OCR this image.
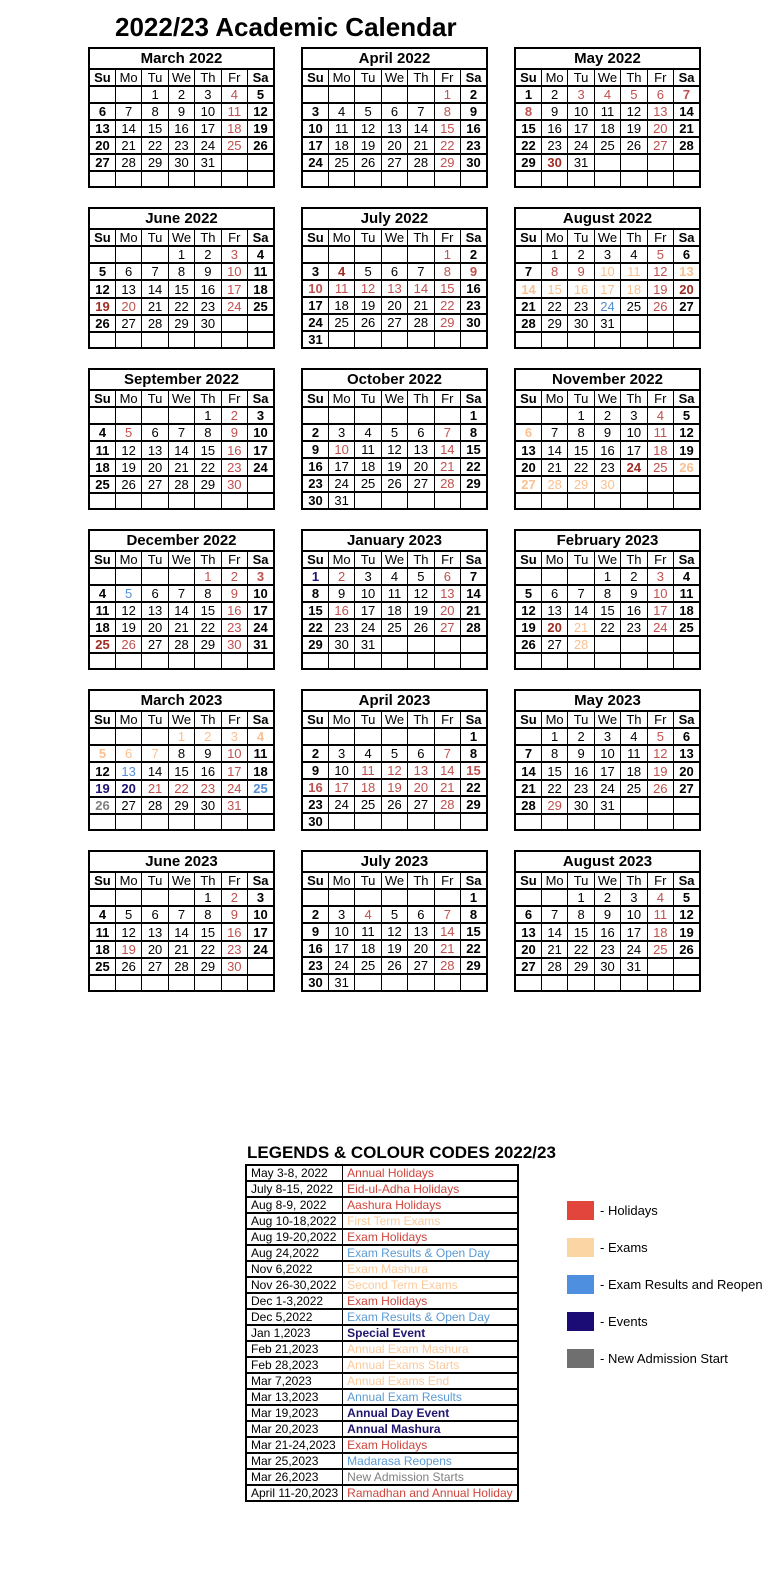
2022/23 Academic Calendar
March 2022						
Su	Mo	Tu	We	Th	Fr	Sa
		1	2	3	4	5
6	7	8	9	10	11	12
13	14	15	16	17	18	19
20	21	22	23	24	25	26
27	28	29	30	31		

April 2022						
Su	Mo	Tu	We	Th	Fr	Sa
					1	2
3	4	5	6	7	8	9
10	11	12	13	14	15	16
17	18	19	20	21	22	23
24	25	26	27	28	29	30

May 2022						
Su	Mo	Tu	We	Th	Fr	Sa
1	2	3	4	5	6	7
8	9	10	11	12	13	14
15	16	17	18	19	20	21
22	23	24	25	26	27	28
29	30	31				

June 2022						
Su	Mo	Tu	We	Th	Fr	Sa
			1	2	3	4
5	6	7	8	9	10	11
12	13	14	15	16	17	18
19	20	21	22	23	24	25
26	27	28	29	30		

July 2022						
Su	Mo	Tu	We	Th	Fr	Sa
					1	2
3	4	5	6	7	8	9
10	11	12	13	14	15	16
17	18	19	20	21	22	23
24	25	26	27	28	29	30
31						
August 2022						
Su	Mo	Tu	We	Th	Fr	Sa
	1	2	3	4	5	6
7	8	9	10	11	12	13
14	15	16	17	18	19	20
21	22	23	24	25	26	27
28	29	30	31			

September 2022						
Su	Mo	Tu	We	Th	Fr	Sa
				1	2	3
4	5	6	7	8	9	10
11	12	13	14	15	16	17
18	19	20	21	22	23	24
25	26	27	28	29	30	

October 2022						
Su	Mo	Tu	We	Th	Fr	Sa
						1
2	3	4	5	6	7	8
9	10	11	12	13	14	15
16	17	18	19	20	21	22
23	24	25	26	27	28	29
30	31					
November 2022						
Su	Mo	Tu	We	Th	Fr	Sa
		1	2	3	4	5
6	7	8	9	10	11	12
13	14	15	16	17	18	19
20	21	22	23	24	25	26
27	28	29	30			

December 2022						
Su	Mo	Tu	We	Th	Fr	Sa
				1	2	3
4	5	6	7	8	9	10
11	12	13	14	15	16	17
18	19	20	21	22	23	24
25	26	27	28	29	30	31

January 2023						
Su	Mo	Tu	We	Th	Fr	Sa
1	2	3	4	5	6	7
8	9	10	11	12	13	14
15	16	17	18	19	20	21
22	23	24	25	26	27	28
29	30	31				

February 2023						
Su	Mo	Tu	We	Th	Fr	Sa
			1	2	3	4
5	6	7	8	9	10	11
12	13	14	15	16	17	18
19	20	21	22	23	24	25
26	27	28				

March 2023						
Su	Mo	Tu	We	Th	Fr	Sa
			1	2	3	4
5	6	7	8	9	10	11
12	13	14	15	16	17	18
19	20	21	22	23	24	25
26	27	28	29	30	31	

April 2023						
Su	Mo	Tu	We	Th	Fr	Sa
						1
2	3	4	5	6	7	8
9	10	11	12	13	14	15
16	17	18	19	20	21	22
23	24	25	26	27	28	29
30						
May 2023						
Su	Mo	Tu	We	Th	Fr	Sa
	1	2	3	4	5	6
7	8	9	10	11	12	13
14	15	16	17	18	19	20
21	22	23	24	25	26	27
28	29	30	31			

June 2023						
Su	Mo	Tu	We	Th	Fr	Sa
				1	2	3
4	5	6	7	8	9	10
11	12	13	14	15	16	17
18	19	20	21	22	23	24
25	26	27	28	29	30	

July 2023						
Su	Mo	Tu	We	Th	Fr	Sa
						1
2	3	4	5	6	7	8
9	10	11	12	13	14	15
16	17	18	19	20	21	22
23	24	25	26	27	28	29
30	31					
August 2023						
Su	Mo	Tu	We	Th	Fr	Sa
		1	2	3	4	5
6	7	8	9	10	11	12
13	14	15	16	17	18	19
20	21	22	23	24	25	26
27	28	29	30	31		

LEGENDS & COLOUR CODES 2022/23
May 3-8, 2022	Annual Holidays
July 8-15, 2022	Eid-ul-Adha Holidays
Aug 8-9, 2022	Aashura Holidays
Aug 10-18,2022	First Term Exams
Aug 19-20,2022	Exam Holidays
Aug 24,2022	Exam Results & Open Day
Nov 6,2022	Exam Mashura
Nov 26-30,2022	Second Term Exams
Dec 1-3,2022	Exam Holidays
Dec 5,2022	Exam Results & Open Day
Jan 1,2023	Special Event
Feb 21,2023	Annual Exam Mashura
Feb 28,2023	Annual Exams Starts
Mar 7,2023	Annual Exams End
Mar 13,2023	Annual Exam Results
Mar 19,2023	Annual Day Event
Mar 20,2023	Annual Mashura
Mar 21-24,2023	Exam Holidays
Mar 25,2023	Madarasa Reopens
Mar 26,2023	New Admission Starts
April 11-20,2023	Ramadhan and Annual Holiday
- Holidays
- Exams
- Exam Results and Reopen
- Events
- New Admission Start
